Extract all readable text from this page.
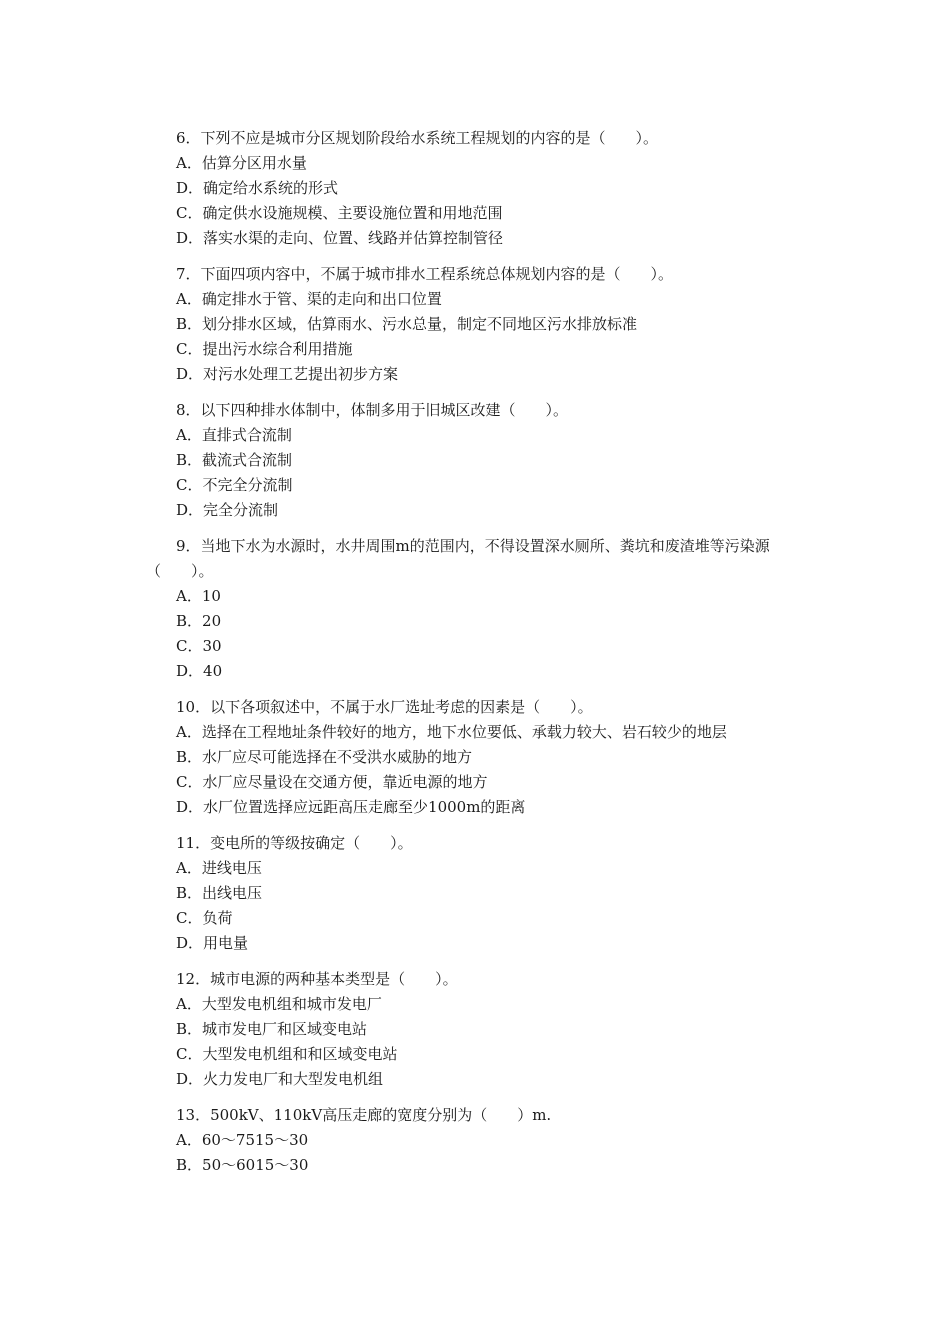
6．下列不应是城市分区规划阶段给水系统工程规划的内容的是（　　）。

A．估算分区用水量
D．确定给水系统的形式
C．确定供水设施规模、主要设施位置和用地范围
D．落实水渠的走向、位置、线路并估算控制管径

7．下面四项内容中，不属于城市排水工程系统总体规划内容的是（　　）。

A．确定排水于管、渠的走向和出口位置
B．划分排水区域，估算雨水、污水总量，制定不同地区污水排放标准
C．提出污水综合利用措施
D．对污水处理工艺提出初步方案

8．以下四种排水体制中，体制多用于旧城区改建（　　）。

A．直排式合流制
B．截流式合流制
C．不完全分流制
D．完全分流制

9．当地下水为水源时，水井周围m的范围内，不得设置深水厕所、粪坑和废渣堆等污染源（　　）。

A．10
B．20
C．30
D．40

10．以下各项叙述中，不属于水厂选址考虑的因素是（　　）。

A．选择在工程地址条件较好的地方，地下水位要低、承载力较大、岩石较少的地层
B．水厂应尽可能选择在不受洪水威胁的地方
C．水厂应尽量设在交通方便，靠近电源的地方
D．水厂位置选择应远距高压走廊至少1000m的距离

11．变电所的等级按确定（　　）。

A．进线电压
B．出线电压
C．负荷
D．用电量

12．城市电源的两种基本类型是（　　）。

A．大型发电机组和城市发电厂
B．城市发电厂和区域变电站
C．大型发电机组和和区域变电站
D．火力发电厂和大型发电机组

13．500kV、110kV高压走廊的宽度分别为（　　）m.

A．60～7515～30
B．50～6015～30
